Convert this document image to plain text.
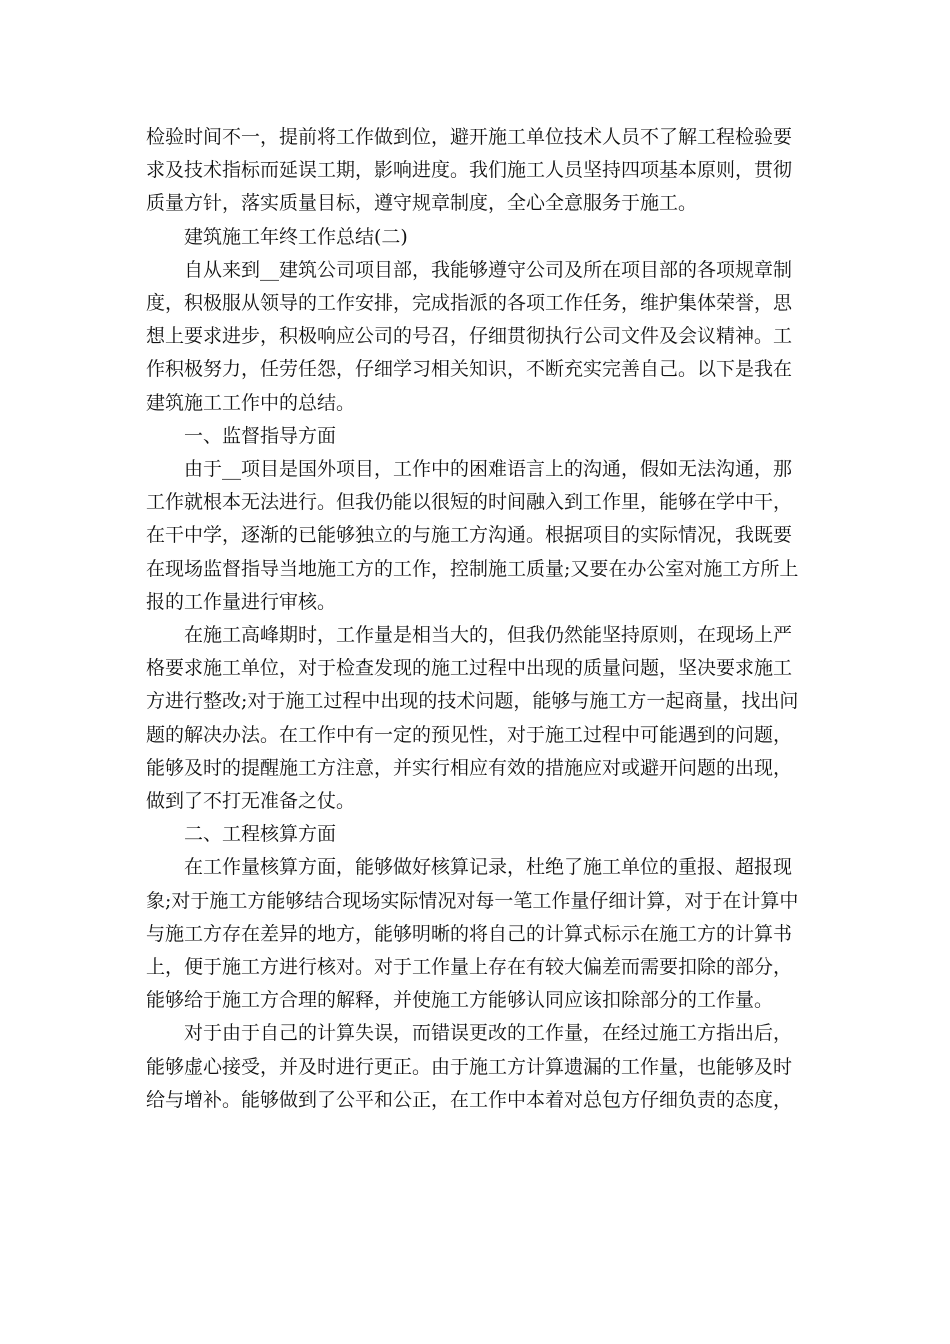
检验时间不一，提前将工作做到位，避开施工单位技术人员不了解工程检验要
求及技术指标而延误工期，影响进度。我们施工人员坚持四项基本原则，贯彻
质量方针，落实质量目标，遵守规章制度，全心全意服务于施工。

建筑施工年终工作总结(二)

自从来到__建筑公司项目部，我能够遵守公司及所在项目部的各项规章制
度，积极服从领导的工作安排，完成指派的各项工作任务，维护集体荣誉，思
想上要求进步，积极响应公司的号召，仔细贯彻执行公司文件及会议精神。工
作积极努力，任劳任怨，仔细学习相关知识，不断充实完善自己。以下是我在
建筑施工工作中的总结。

一、监督指导方面

由于__项目是国外项目，工作中的困难语言上的沟通，假如无法沟通，那
工作就根本无法进行。但我仍能以很短的时间融入到工作里，能够在学中干，
在干中学，逐渐的已能够独立的与施工方沟通。根据项目的实际情况，我既要
在现场监督指导当地施工方的工作，控制施工质量;又要在办公室对施工方所上
报的工作量进行审核。

在施工高峰期时，工作量是相当大的，但我仍然能坚持原则，在现场上严
格要求施工单位，对于检查发现的施工过程中出现的质量问题，坚决要求施工
方进行整改;对于施工过程中出现的技术问题，能够与施工方一起商量，找出问
题的解决办法。在工作中有一定的预见性，对于施工过程中可能遇到的问题，
能够及时的提醒施工方注意，并实行相应有效的措施应对或避开问题的出现，
做到了不打无准备之仗。

二、工程核算方面

在工作量核算方面，能够做好核算记录，杜绝了施工单位的重报、超报现
象;对于施工方能够结合现场实际情况对每一笔工作量仔细计算，对于在计算中
与施工方存在差异的地方，能够明晰的将自己的计算式标示在施工方的计算书
上，便于施工方进行核对。对于工作量上存在有较大偏差而需要扣除的部分，
能够给于施工方合理的解释，并使施工方能够认同应该扣除部分的工作量。

对于由于自己的计算失误，而错误更改的工作量，在经过施工方指出后，
能够虚心接受，并及时进行更正。由于施工方计算遗漏的工作量，也能够及时
给与增补。能够做到了公平和公正，在工作中本着对总包方仔细负责的态度，
